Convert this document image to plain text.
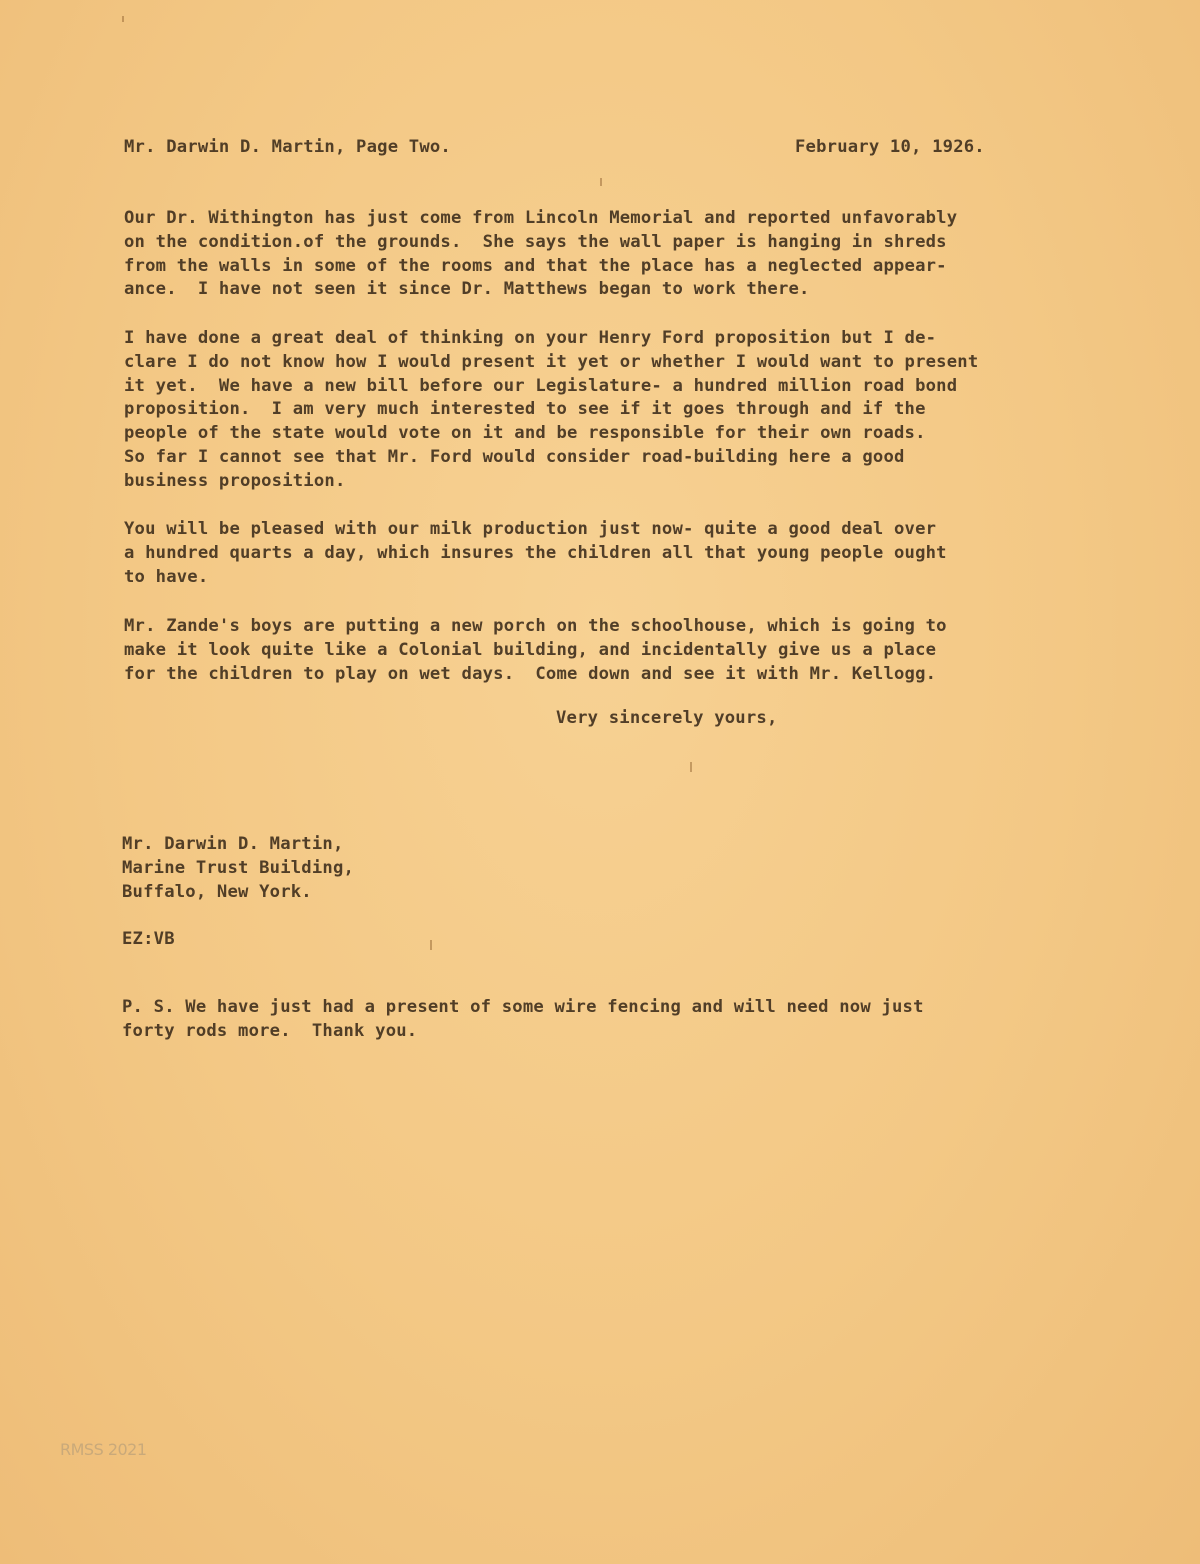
Mr. Darwin D. Martin, Page Two.	February 10, 1926.
Our Dr. Withington has just come from Lincoln Memorial and reported unfavorably
on the condition.of the grounds.  She says the wall paper is hanging in shreds
from the walls in some of the rooms and that the place has a neglected appear-
ance.  I have not seen it since Dr. Matthews began to work there.
I have done a great deal of thinking on your Henry Ford proposition but I de-
clare I do not know how I would present it yet or whether I would want to present
it yet.  We have a new bill before our Legislature- a hundred million road bond
proposition.  I am very much interested to see if it goes through and if the
people of the state would vote on it and be responsible for their own roads.
So far I cannot see that Mr. Ford would consider road-building here a good
business proposition.
You will be pleased with our milk production just now- quite a good deal over
a hundred quarts a day, which insures the children all that young people ought
to have.
Mr. Zande's boys are putting a new porch on the schoolhouse, which is going to
make it look quite like a Colonial building, and incidentally give us a place
for the children to play on wet days.  Come down and see it with Mr. Kellogg.
Very sincerely yours,
Mr. Darwin D. Martin,
Marine Trust Building,
Buffalo, New York.
EZ:VB
P. S. We have just had a present of some wire fencing and will need now just
forty rods more.  Thank you.
RMSS 2021
